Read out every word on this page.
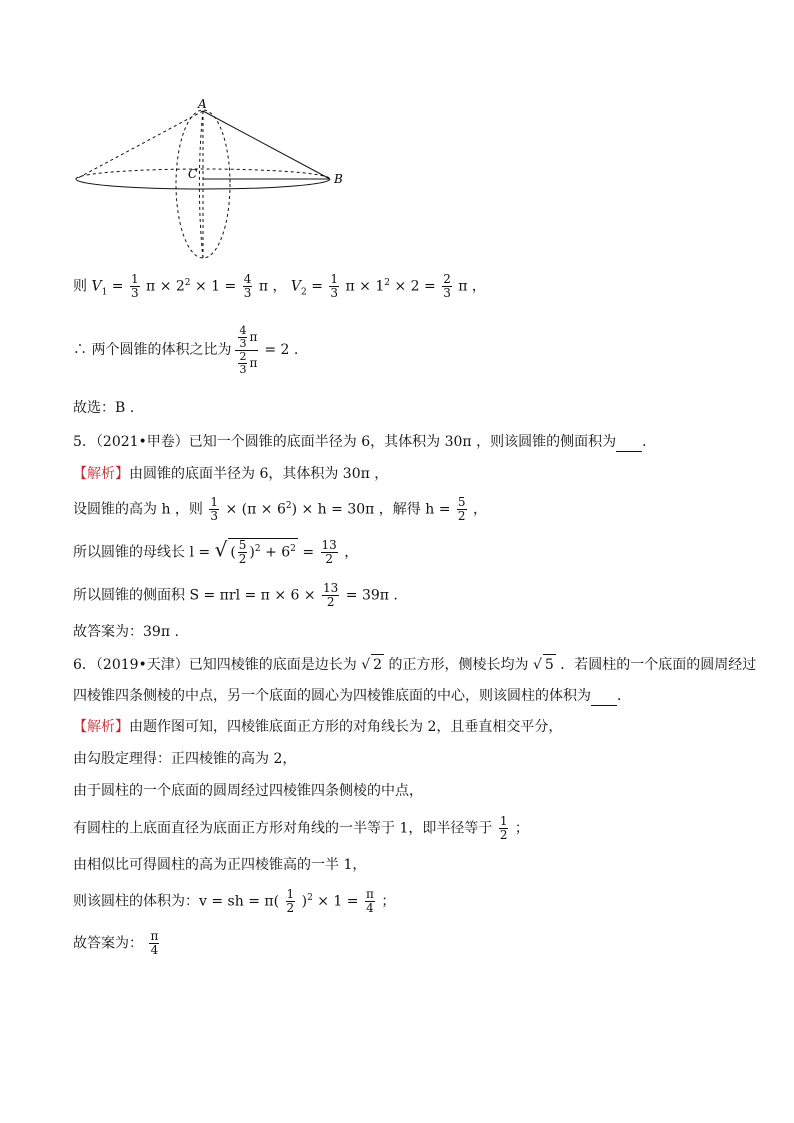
A
B
C
则 $V_1 = \frac{1}{3}$ $\pi \times 2^2 \times 1 = \frac{4}{3}$ π ， $V_2 = \frac{1}{3}$ $\pi \times 1^2 \times 2 = \frac{2}{3}$ π ，
∴ 两个圆锥的体积之比为 $\frac{\frac{4}{3} \pi}{\frac{2}{3} \pi} = 2$ .
故选：B .
5．（2021•甲卷）已知一个圆锥的底面半径为 6，其体积为 30π ，则该圆锥的侧面积为 ．
【解析】由圆锥的底面半径为 6，其体积为 30π ，
设圆锥的高为 h ，则 $\frac{1}{3} \times (\pi \times 6^2) \times h = 30\pi$ ，解得 $h = \frac{5}{2}$ ，
所以圆锥的母线长 l = √ ( $\frac{5}{2} )^2 + 6^2 = \frac{13}{2}$ ，
所以圆锥的侧面积 $S = \pi rl = \pi \times 6 \times \frac{13}{2} = 39\pi$ .
故答案为：39π .
6．（2019•天津）已知四棱锥的底面是边长为 √ 2 的正方形，侧棱长均为 √ 5 ．若圆柱的一个底面的圆周经过
四棱锥四条侧棱的中点，另一个底面的圆心为四棱锥底面的中心，则该圆柱的体积为 ．
【解析】由题作图可知，四棱锥底面正方形的对角线长为 2，且垂直相交平分，
由勾股定理得：正四棱锥的高为 2，
由于圆柱的一个底面的圆周经过四棱锥四条侧棱的中点，
有圆柱的上底面直径为底面正方形对角线的一半等于 1，即半径等于 $\frac{1}{2}$ ；
由相似比可得圆柱的高为正四棱锥高的一半 1，
则该圆柱的体积为：v = sh = $\pi( \frac{1}{2} )^2 \times 1 = \frac{\pi}{4}$ ；
故答案为： $\frac{\pi}{4}$
